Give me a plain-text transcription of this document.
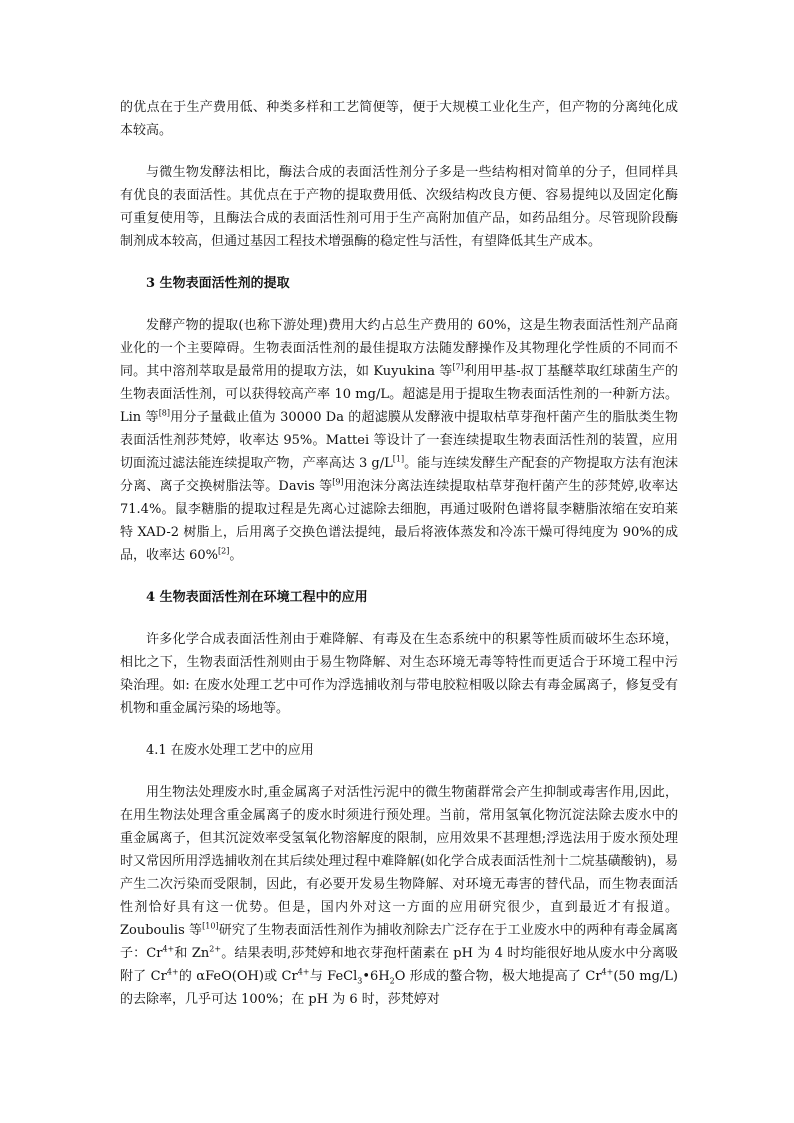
的优点在于生产费用低、种类多样和工艺简便等，便于大规模工业化生产，但产物的分离纯化成本较高。

与微生物发酵法相比，酶法合成的表面活性剂分子多是一些结构相对简单的分子，但同样具有优良的表面活性。其优点在于产物的提取费用低、次级结构改良方便、容易提纯以及固定化酶可重复使用等，且酶法合成的表面活性剂可用于生产高附加值产品，如药品组分。尽管现阶段酶制剂成本较高，但通过基因工程技术增强酶的稳定性与活性，有望降低其生产成本。

3 生物表面活性剂的提取

发酵产物的提取(也称下游处理)费用大约占总生产费用的 60%，这是生物表面活性剂产品商业化的一个主要障碍。生物表面活性剂的最佳提取方法随发酵操作及其物理化学性质的不同而不同。其中溶剂萃取是最常用的提取方法，如 Kuyukina 等[7]利用甲基-叔丁基醚萃取红球菌生产的生物表面活性剂，可以获得较高产率 10 mg/L。超滤是用于提取生物表面活性剂的一种新方法。Lin 等[8]用分子量截止值为 30000 Da 的超滤膜从发酵液中提取枯草芽孢杆菌产生的脂肽类生物表面活性剂莎梵婷，收率达 95%。Mattei 等设计了一套连续提取生物表面活性剂的装置，应用切面流过滤法能连续提取产物，产率高达 3 g/L[1]。能与连续发酵生产配套的产物提取方法有泡沫分离、离子交换树脂法等。Davis 等[9]用泡沫分离法连续提取枯草芽孢杆菌产生的莎梵婷,收率达 71.4%。鼠李糖脂的提取过程是先离心过滤除去细胞，再通过吸附色谱将鼠李糖脂浓缩在安珀莱特 XAD-2 树脂上，后用离子交换色谱法提纯，最后将液体蒸发和冷冻干燥可得纯度为 90%的成品，收率达 60%[2]。

4 生物表面活性剂在环境工程中的应用

许多化学合成表面活性剂由于难降解、有毒及在生态系统中的积累等性质而破坏生态环境，相比之下，生物表面活性剂则由于易生物降解、对生态环境无毒等特性而更适合于环境工程中污染治理。如: 在废水处理工艺中可作为浮选捕收剂与带电胶粒相吸以除去有毒金属离子，修复受有机物和重金属污染的场地等。

4.1 在废水处理工艺中的应用

用生物法处理废水时,重金属离子对活性污泥中的微生物菌群常会产生抑制或毒害作用,因此，在用生物法处理含重金属离子的废水时须进行预处理。当前，常用氢氧化物沉淀法除去废水中的重金属离子，但其沉淀效率受氢氧化物溶解度的限制，应用效果不甚理想;浮选法用于废水预处理时又常因所用浮选捕收剂在其后续处理过程中难降解(如化学合成表面活性剂十二烷基磺酸钠)，易产生二次污染而受限制，因此，有必要开发易生物降解、对环境无毒害的替代品，而生物表面活性剂恰好具有这一优势。但是，国内外对这一方面的应用研究很少，直到最近才有报道。Zouboulis 等[10]研究了生物表面活性剂作为捕收剂除去广泛存在于工业废水中的两种有毒金属离子：$Cr^{4+}$和 $Zn^{2+}$。结果表明,莎梵婷和地衣芽孢杆菌素在 pH 为 4 时均能很好地从废水中分离吸附了 $Cr^{4+}$的 αFeO(OH)或 $Cr^{4+}$与 $FeCl_3•6H_2O$ 形成的螯合物，极大地提高了 $Cr^{4+}(50$ mg/L)的去除率，几乎可达 100%；在 pH 为 6 时，莎梵婷对
